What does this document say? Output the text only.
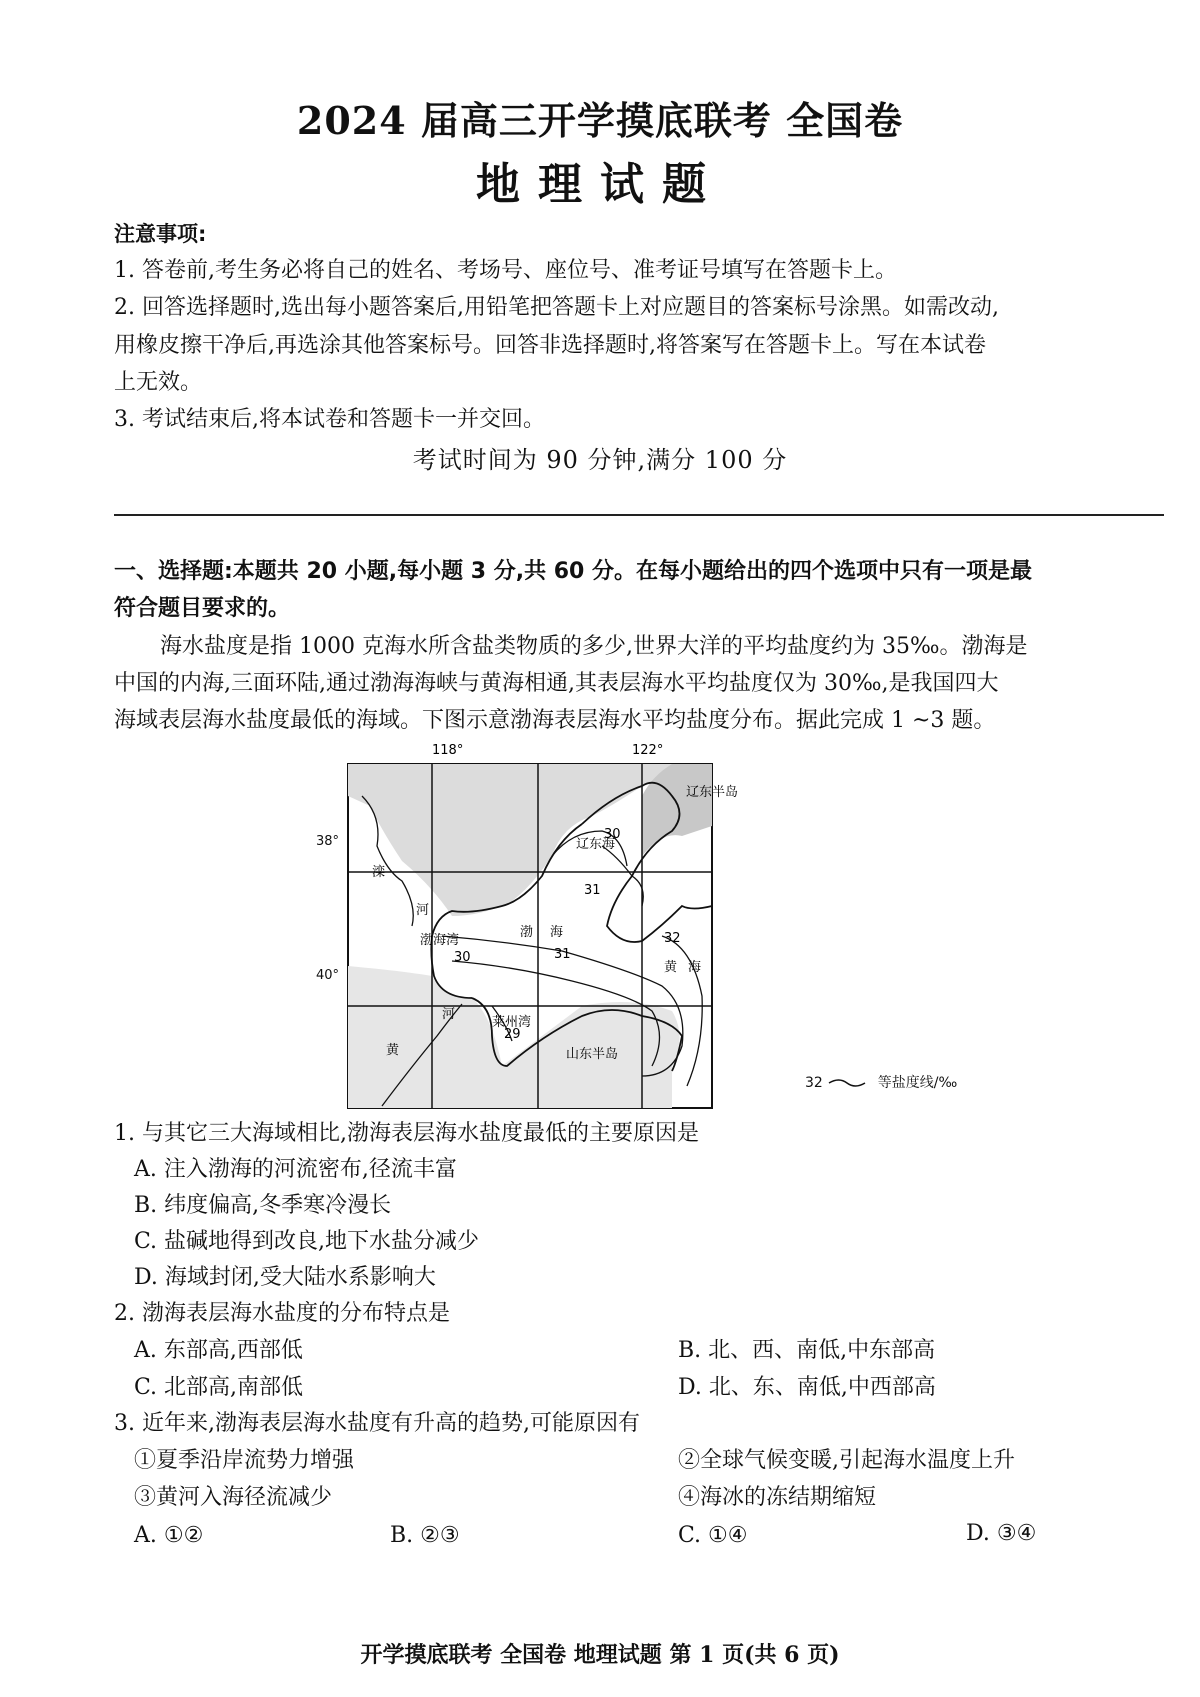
2024 届高三开学摸底联考 全国卷
地理试题
注意事项:
1. 答卷前,考生务必将自己的姓名、考场号、座位号、准考证号填写在答题卡上。
2. 回答选择题时,选出每小题答案后,用铅笔把答题卡上对应题目的答案标号涂黑。如需改动,
用橡皮擦干净后,再选涂其他答案标号。回答非选择题时,将答案写在答题卡上。写在本试卷
上无效。
3. 考试结束后,将本试卷和答题卡一并交回。
考试时间为 90 分钟,满分 100 分
一、选择题:本题共 20 小题,每小题 3 分,共 60 分。在每小题给出的四个选项中只有一项是最
符合题目要求的。
海水盐度是指 1000 克海水所含盐类物质的多少,世界大洋的平均盐度约为 35‰。渤海是
中国的内海,三面环陆,通过渤海海峡与黄海相通,其表层海水平均盐度仅为 30‰,是我国四大
海域表层海水盐度最低的海域。下图示意渤海表层海水平均盐度分布。据此完成 1 ~3 题。
118°	122°
30
31
32
30
31
29
辽东半岛
辽东海
滦
河
渤海湾
渤 海
黄 海
河
黄
莱州湾
山东半岛
38°
40°
32	等盐度线/‰
1. 与其它三大海域相比,渤海表层海水盐度最低的主要原因是
A. 注入渤海的河流密布,径流丰富
B. 纬度偏高,冬季寒冷漫长
C. 盐碱地得到改良,地下水盐分减少
D. 海域封闭,受大陆水系影响大
2. 渤海表层海水盐度的分布特点是
A. 东部高,西部低	B. 北、西、南低,中东部高
C. 北部高,南部低	D. 北、东、南低,中西部高
3. 近年来,渤海表层海水盐度有升高的趋势,可能原因有
①夏季沿岸流势力增强	②全球气候变暖,引起海水温度上升
③黄河入海径流减少	④海冰的冻结期缩短
A. ①②	B. ②③	C. ①④	D. ③④
开学摸底联考 全国卷 地理试题 第 1 页(共 6 页)
